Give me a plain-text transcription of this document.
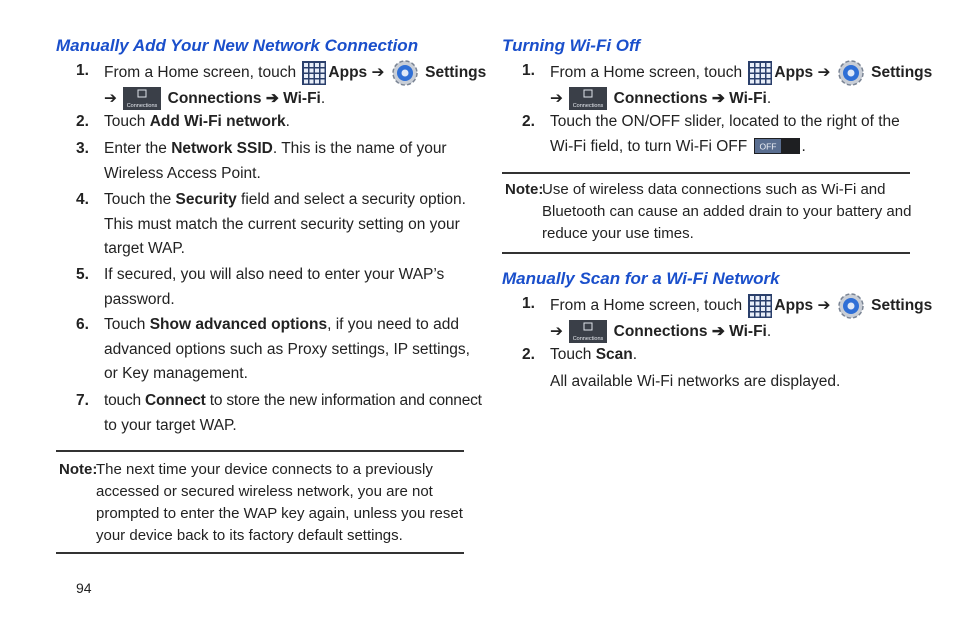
Manually Add Your New Network Connection
1. From a Home screen, touch Apps ➔	Settings
➔ Connections Connections ➔ Wi-Fi.
2. Touch Add Wi-Fi network.
3. Enter the Network SSID. This is the name of your
Wireless Access Point.
4. Touch the Security field and select a security option.
This must match the current security setting on your
target WAP.
5. If secured, you will also need to enter your WAP’s
password.
6. Touch Show advanced options, if you need to add
advanced options such as Proxy settings, IP settings,
or Key management.
7. touch Connect to store the new information and connect
to your target WAP.
Note:
The next time your device connects to a previously
accessed or secured wireless network, you are not
prompted to enter the WAP key again, unless you reset
your device back to its factory default settings.
Turning Wi-Fi Off
1. From a Home screen, touch Apps ➔	Settings
➔ Connections Connections ➔ Wi-Fi.
2. Touch the ON/OFF slider, located to the right of the
Wi-Fi field, to turn Wi-Fi OFF OFF .
Note:
Use of wireless data connections such as Wi-Fi and
Bluetooth can cause an added drain to your battery and
reduce your use times.
Manually Scan for a Wi-Fi Network
1. From a Home screen, touch Apps ➔	Settings
➔ Connections Connections ➔ Wi-Fi.
2. Touch Scan.
All available Wi-Fi networks are displayed.
94
